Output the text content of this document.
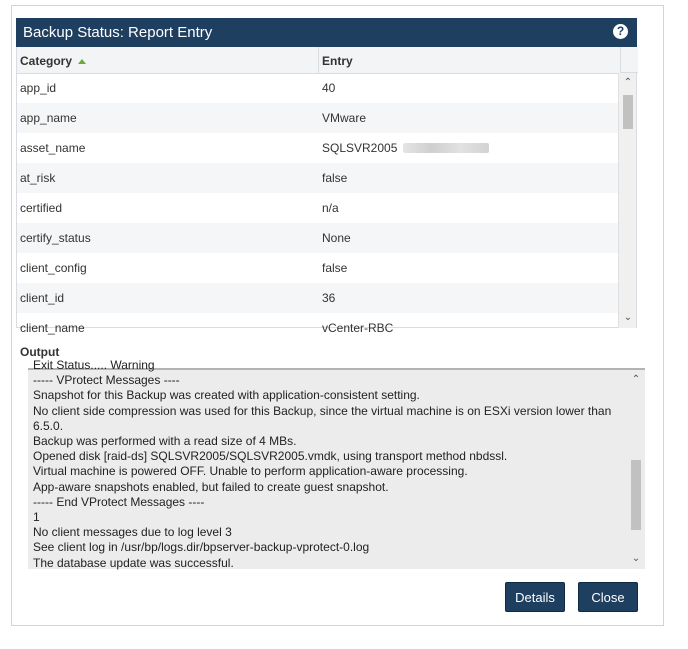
Backup Status: Report Entry	?
Category	Entry
app_id	40
app_name	VMware
asset_name	SQLSVR2005
at_risk	false
certified	n/a
certify_status	None
client_config	false
client_id	36
client_name	vCenter-RBC
⌃
⌄
Output
Exit Status..... Warning
----- VProtect Messages ----
Snapshot for this Backup was created with application-consistent setting.
No client side compression was used for this Backup, since the virtual machine is on ESXi version lower than 6.5.0.
Backup was performed with a read size of 4 MBs.
Opened disk [raid-ds] SQLSVR2005/SQLSVR2005.vmdk, using transport method nbdssl.
Virtual machine is powered OFF. Unable to perform application-aware processing.
App-aware snapshots enabled, but failed to create guest snapshot.
----- End VProtect Messages ----
1
No client messages due to log level 3
See client log in /usr/bp/logs.dir/bpserver-backup-vprotect-0.log
The database update was successful.
⌃
⌄
Details	Close
